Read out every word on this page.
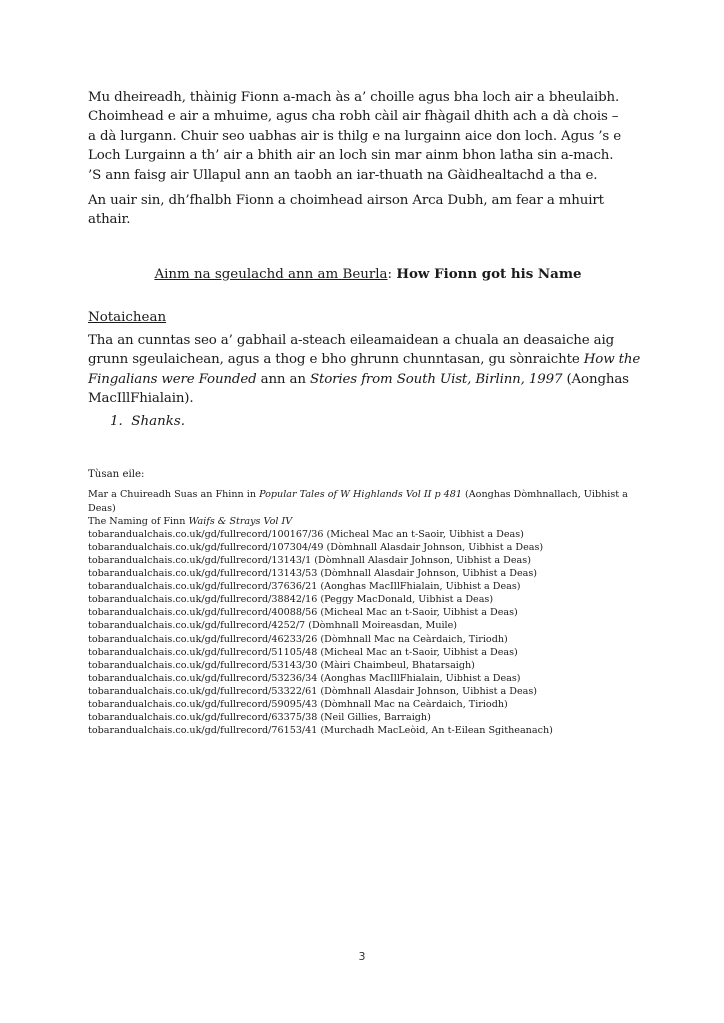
Mu dheireadh, thàinig Fionn a-mach às a’ choille agus bha loch air a bheulaibh.
Choimhead e air a mhuime, agus cha robh càil air fhàgail dhith ach a dà chois –
a dà lurgann. Chuir seo uabhas air is thilg e na lurgainn aice don loch. Agus ’s e
Loch Lurgainn a th’ air a bhith air an loch sin mar ainm bhon latha sin a-mach.
’S ann faisg air Ullapul ann an taobh an iar-thuath na Gàidhealtachd a tha e.
An uair sin, dh’fhalbh Fionn a choimhead airson Arca Dubh, am fear a mhuirt
athair.
Ainm na sgeulachd ann am Beurla: How Fionn got his Name
Notaichean
Tha an cunntas seo a’ gabhail a-steach eileamaidean a chuala an deasaiche aig grunn sgeulaichean, agus a thog e bho ghrunn chunntasan, gu sònraichte How the Fingalians were Founded ann an Stories from South Uist, Birlinn, 1997 (Aonghas MacIllFhialain).
1.  Shanks.
Tùsan eile:
Mar a Chuireadh Suas an Fhinn in Popular Tales of W Highlands Vol II p 481 (Aonghas Dòmhnallach, Uibhist a Deas)
The Naming of Finn Waifs & Strays Vol IV
tobarandualchais.co.uk/gd/fullrecord/100167/36 (Micheal Mac an t-Saoir, Uibhist a Deas)
tobarandualchais.co.uk/gd/fullrecord/107304/49 (Dòmhnall Alasdair Johnson, Uibhist a Deas)
tobarandualchais.co.uk/gd/fullrecord/13143/1 (Dòmhnall Alasdair Johnson, Uibhist a Deas)
tobarandualchais.co.uk/gd/fullrecord/13143/53 (Dòmhnall Alasdair Johnson, Uibhist a Deas)
tobarandualchais.co.uk/gd/fullrecord/37636/21 (Aonghas MacIllFhialain, Uibhist a Deas)
tobarandualchais.co.uk/gd/fullrecord/38842/16 (Peggy MacDonald, Uibhist a Deas)
tobarandualchais.co.uk/gd/fullrecord/40088/56 (Micheal Mac an t-Saoir, Uibhist a Deas)
tobarandualchais.co.uk/gd/fullrecord/4252/7 (Dòmhnall Moireasdan, Muile)
tobarandualchais.co.uk/gd/fullrecord/46233/26 (Dòmhnall Mac na Ceàrdaich, Tiriodh)
tobarandualchais.co.uk/gd/fullrecord/51105/48 (Micheal Mac an t-Saoir, Uibhist a Deas)
tobarandualchais.co.uk/gd/fullrecord/53143/30 (Màiri Chaimbeul, Bhatarsaigh)
tobarandualchais.co.uk/gd/fullrecord/53236/34 (Aonghas MacIllFhialain, Uibhist a Deas)
tobarandualchais.co.uk/gd/fullrecord/53322/61 (Dòmhnall Alasdair Johnson, Uibhist a Deas)
tobarandualchais.co.uk/gd/fullrecord/59095/43 (Dòmhnall Mac na Ceàrdaich, Tiriodh)
tobarandualchais.co.uk/gd/fullrecord/63375/38 (Neil Gillies, Barraigh)
tobarandualchais.co.uk/gd/fullrecord/76153/41 (Murchadh MacLeòid, An t-Eilean Sgitheanach)
3
